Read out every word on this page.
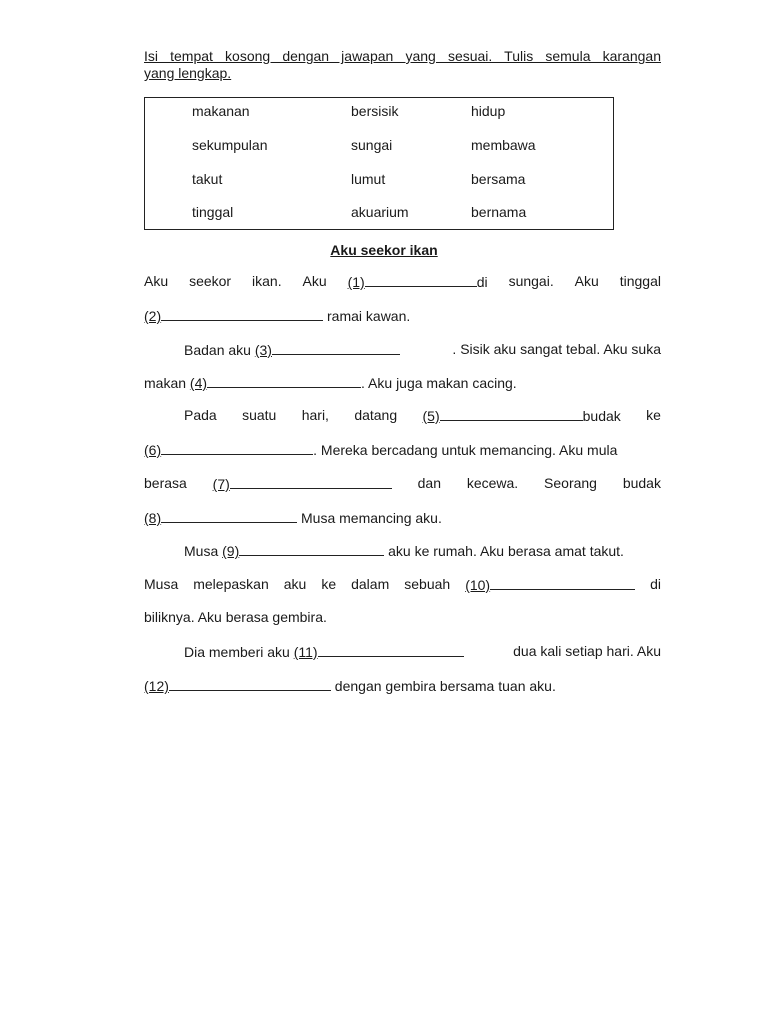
Isi tempat kosong dengan jawapan yang sesuai. Tulis semula karangan
yang lengkap.
makanan	bersisik	hidup
sekumpulan	sungai	membawa
takut	lumut	bersama
tinggal	akuarium	bernama
Aku seekor ikan
Aku seekor ikan. Aku (1)	di sungai. Aku tinggal
(2)	ramai kawan.
Badan aku (3)	. Sisik aku sangat tebal. Aku suka
makan (4)	. Aku juga makan cacing.
Pada suatu hari, datang (5)	budak ke
(6)	. Mereka bercadang untuk memancing. Aku mula
berasa (7)	dan kecewa. Seorang budak
(8)	Musa memancing aku.
Musa (9)	aku ke rumah. Aku berasa amat takut.
Musa melepaskan aku ke dalam sebuah (10)	di
biliknya. Aku berasa gembira.
Dia memberi aku (11)	dua kali setiap hari. Aku
(12)	dengan gembira bersama tuan aku.
